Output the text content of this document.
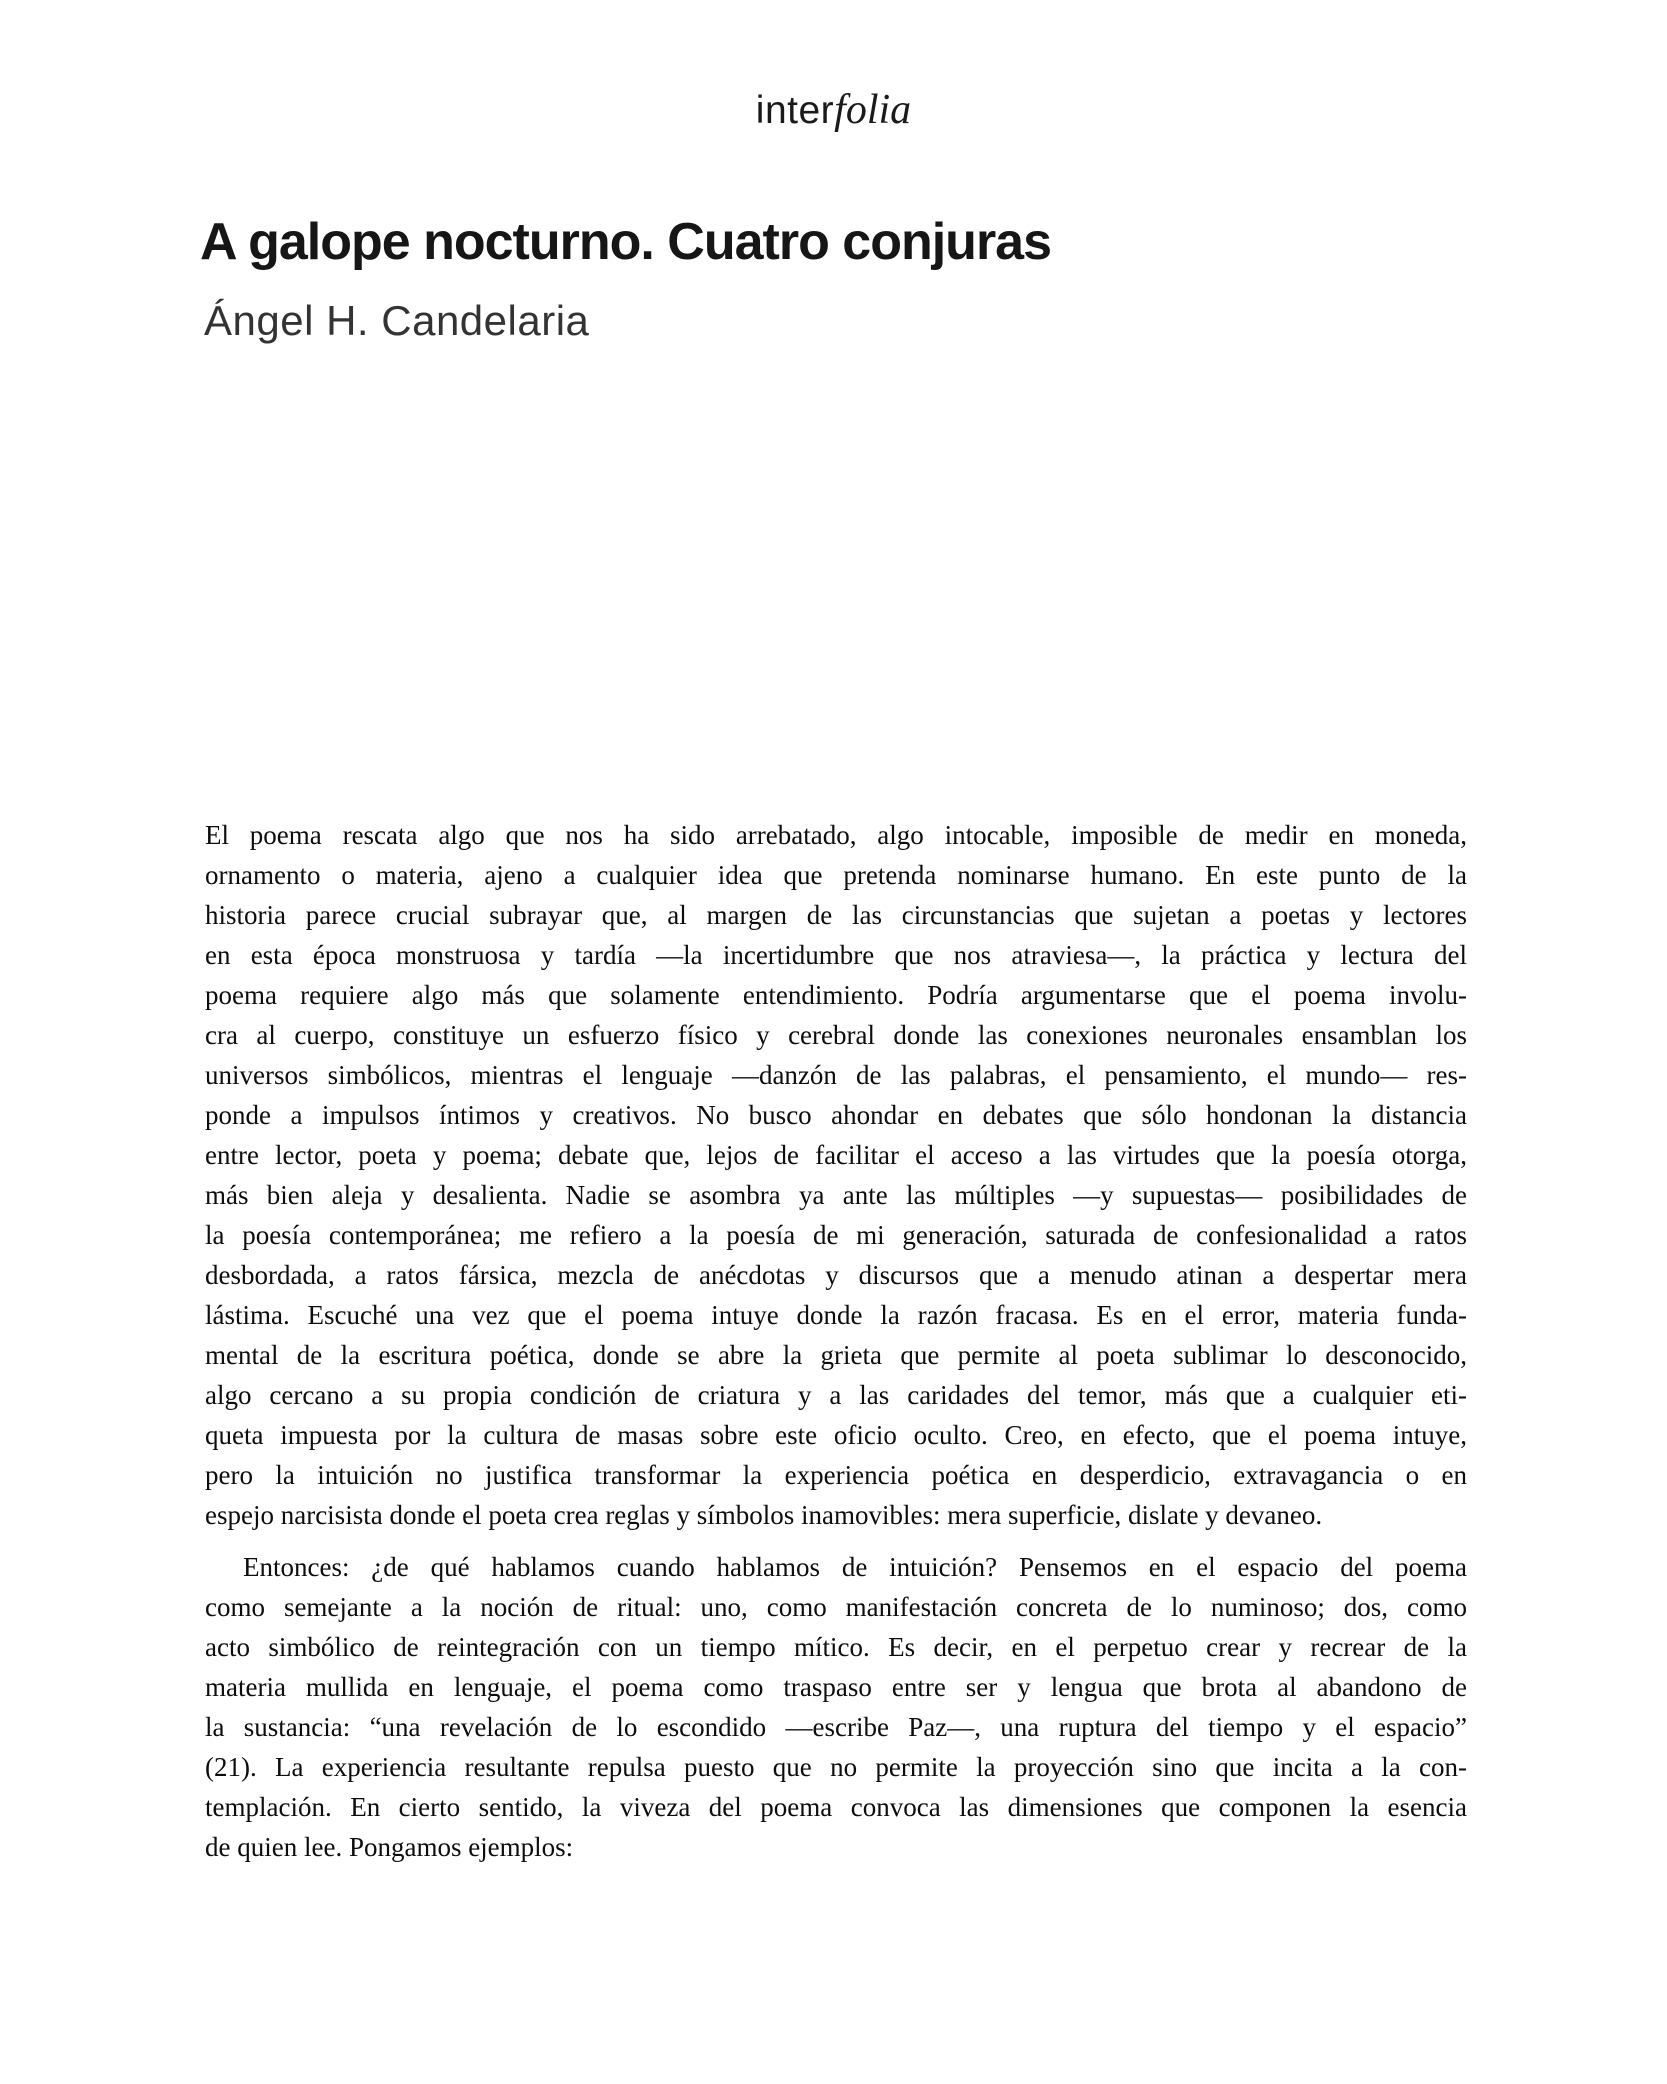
interfolia
A galope nocturno. Cuatro conjuras
Ángel H. Candelaria
El poema rescata algo que nos ha sido arrebatado, algo intocable, imposible de medir en moneda,
ornamento o materia, ajeno a cualquier idea que pretenda nominarse humano. En este punto de la
historia parece crucial subrayar que, al margen de las circunstancias que sujetan a poetas y lectores
en esta época monstruosa y tardía —la incertidumbre que nos atraviesa—, la práctica y lectura del
poema requiere algo más que solamente entendimiento. Podría argumentarse que el poema involu-
cra al cuerpo, constituye un esfuerzo físico y cerebral donde las conexiones neuronales ensamblan los
universos simbólicos, mientras el lenguaje —danzón de las palabras, el pensamiento, el mundo— res-
ponde a impulsos íntimos y creativos. No busco ahondar en debates que sólo hondonan la distancia
entre lector, poeta y poema; debate que, lejos de facilitar el acceso a las virtudes que la poesía otorga,
más bien aleja y desalienta. Nadie se asombra ya ante las múltiples —y supuestas— posibilidades de
la poesía contemporánea; me refiero a la poesía de mi generación, saturada de confesionalidad a ratos
desbordada, a ratos fársica, mezcla de anécdotas y discursos que a menudo atinan a despertar mera
lástima. Escuché una vez que el poema intuye donde la razón fracasa. Es en el error, materia funda-
mental de la escritura poética, donde se abre la grieta que permite al poeta sublimar lo desconocido,
algo cercano a su propia condición de criatura y a las caridades del temor, más que a cualquier eti-
queta impuesta por la cultura de masas sobre este oficio oculto. Creo, en efecto, que el poema intuye,
pero la intuición no justifica transformar la experiencia poética en desperdicio, extravagancia o en
espejo narcisista donde el poeta crea reglas y símbolos inamovibles: mera superficie, dislate y devaneo.
Entonces: ¿de qué hablamos cuando hablamos de intuición? Pensemos en el espacio del poema
como semejante a la noción de ritual: uno, como manifestación concreta de lo numinoso; dos, como
acto simbólico de reintegración con un tiempo mítico. Es decir, en el perpetuo crear y recrear de la
materia mullida en lenguaje, el poema como traspaso entre ser y lengua que brota al abandono de
la sustancia: “una revelación de lo escondido —escribe Paz—, una ruptura del tiempo y el espacio”
(21). La experiencia resultante repulsa puesto que no permite la proyección sino que incita a la con-
templación. En cierto sentido, la viveza del poema convoca las dimensiones que componen la esencia
de quien lee. Pongamos ejemplos:
